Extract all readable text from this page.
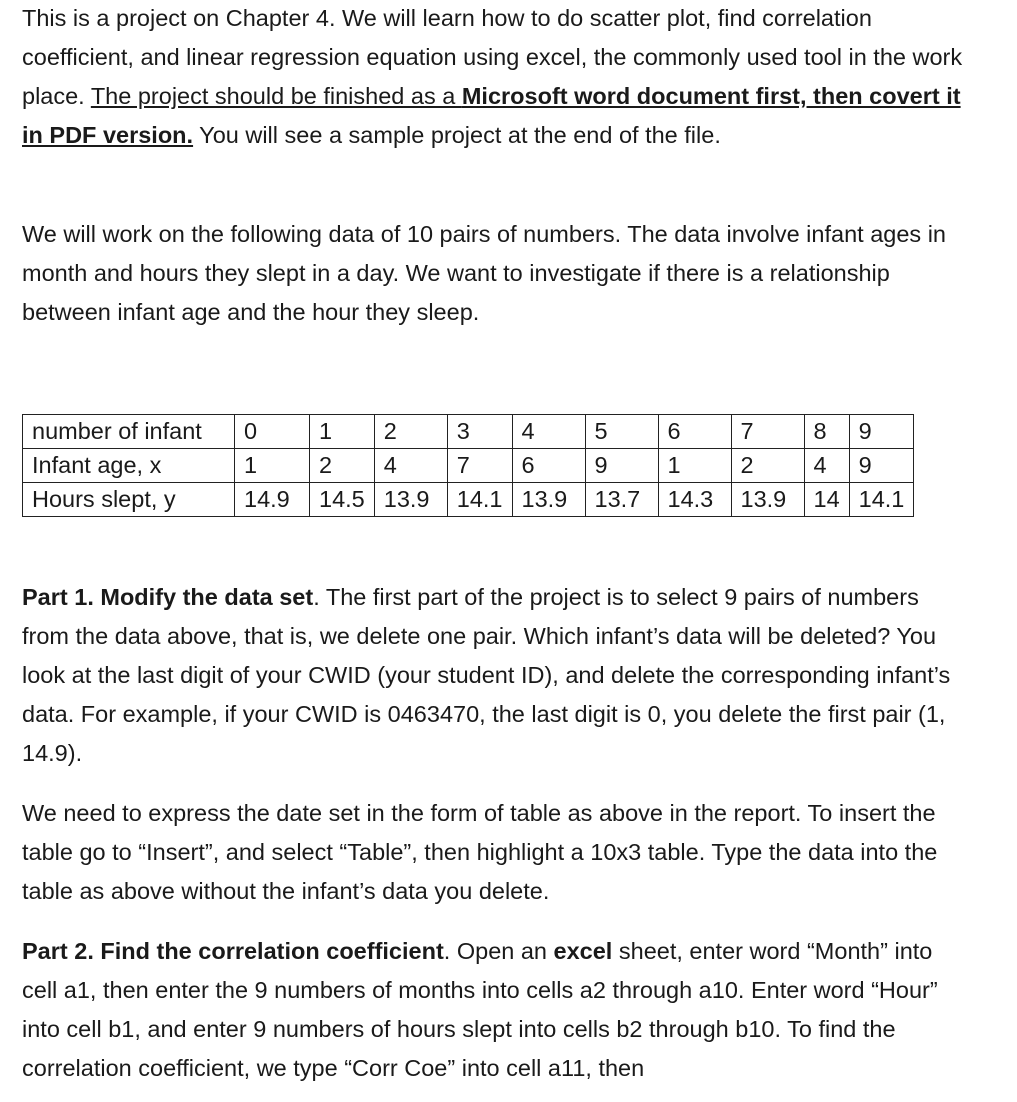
This is a project on Chapter 4. We will learn how to do scatter plot, find correlation coefficient, and linear regression equation using excel, the commonly used tool in the work place. The project should be finished as a Microsoft word document first, then covert it in PDF version. You will see a sample project at the end of the file.

We will work on the following data of 10 pairs of numbers. The data involve infant ages in month and hours they slept in a day. We want to investigate if there is a relationship between infant age and the hour they sleep.

number of infant	0	1	2	3	4	5	6	7	8	9
Infant age, x	1	2	4	7	6	9	1	2	4	9
Hours slept, y	14.9	14.5	13.9	14.1	13.9	13.7	14.3	13.9	14	14.1

Part 1. Modify the data set. The first part of the project is to select 9 pairs of numbers from the data above, that is, we delete one pair. Which infant’s data will be deleted? You look at the last digit of your CWID (your student ID), and delete the corresponding infant’s data. For example, if your CWID is 0463470, the last digit is 0, you delete the first pair (1, 14.9).

We need to express the date set in the form of table as above in the report. To insert the table go to “Insert”, and select “Table”, then highlight a 10x3 table. Type the data into the table as above without the infant’s data you delete.

Part 2. Find the correlation coefficient. Open an excel sheet, enter word “Month” into cell a1, then enter the 9 numbers of months into cells a2 through a10. Enter word “Hour” into cell b1, and enter 9 numbers of hours slept into cells b2 through b10. To find the correlation coefficient, we type “Corr Coe” into cell a11, then
